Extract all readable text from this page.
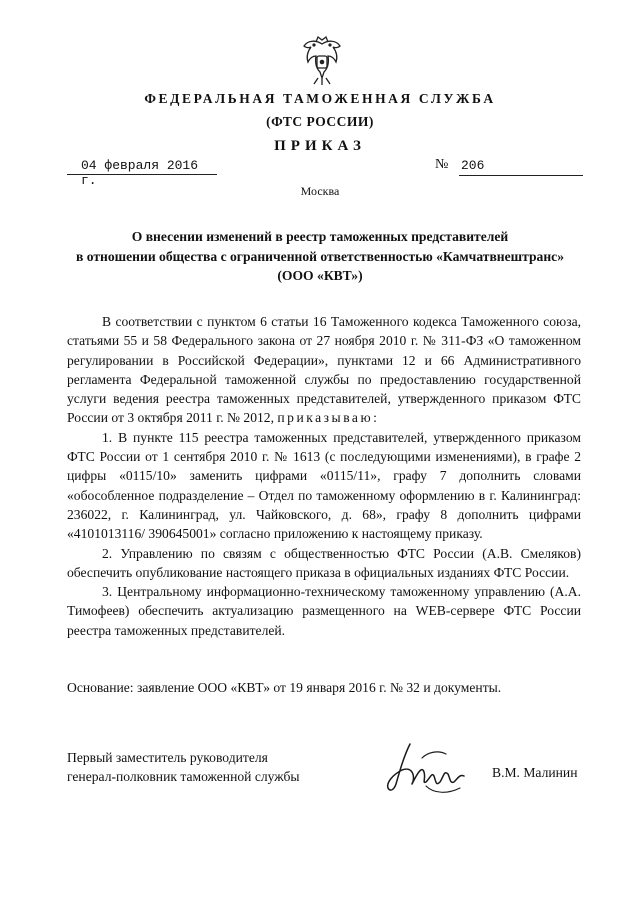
ФЕДЕРАЛЬНАЯ ТАМОЖЕННАЯ СЛУЖБА
(ФТС РОССИИ)
ПРИКАЗ
04 февраля 2016 г.
№ 206
Москва
О внесении изменений в реестр таможенных представителей
в отношении общества с ограниченной ответственностью «Камчатвнештранс»
(ООО «КВТ»)

В соответствии с пунктом 6 статьи 16 Таможенного кодекса Таможенного союза, статьями 55 и 58 Федерального закона от 27 ноября 2010 г. № 311-ФЗ «О таможенном регулировании в Российской Федерации», пунктами 12 и 66 Административного регламента Федеральной таможенной службы по предоставлению государственной услуги ведения реестра таможенных представителей, утвержденного приказом ФТС России от 3 октября 2011 г. № 2012, приказываю:

1. В пункте 115 реестра таможенных представителей, утвержденного приказом ФТС России от 1 сентября 2010 г. № 1613 (с последующими изменениями), в графе 2 цифры «0115/10» заменить цифрами «0115/11», графу 7 дополнить словами «обособленное подразделение – Отдел по таможенному оформлению в г. Калининград: 236022, г. Калининград, ул. Чайковского, д. 68», графу 8 дополнить цифрами «4101013116/ 390645001» согласно приложению к настоящему приказу.

2. Управлению по связям с общественностью ФТС России (А.В. Смеляков) обеспечить опубликование настоящего приказа в официальных изданиях ФТС России.

3. Центральному информационно-техническому таможенному управлению (А.А. Тимофеев) обеспечить актуализацию размещенного на WEB-сервере ФТС России реестра таможенных представителей.

Основание: заявление ООО «КВТ» от 19 января 2016 г. № 32 и документы.
Первый заместитель руководителя
генерал-полковник таможенной службы	В.М. Малинин
